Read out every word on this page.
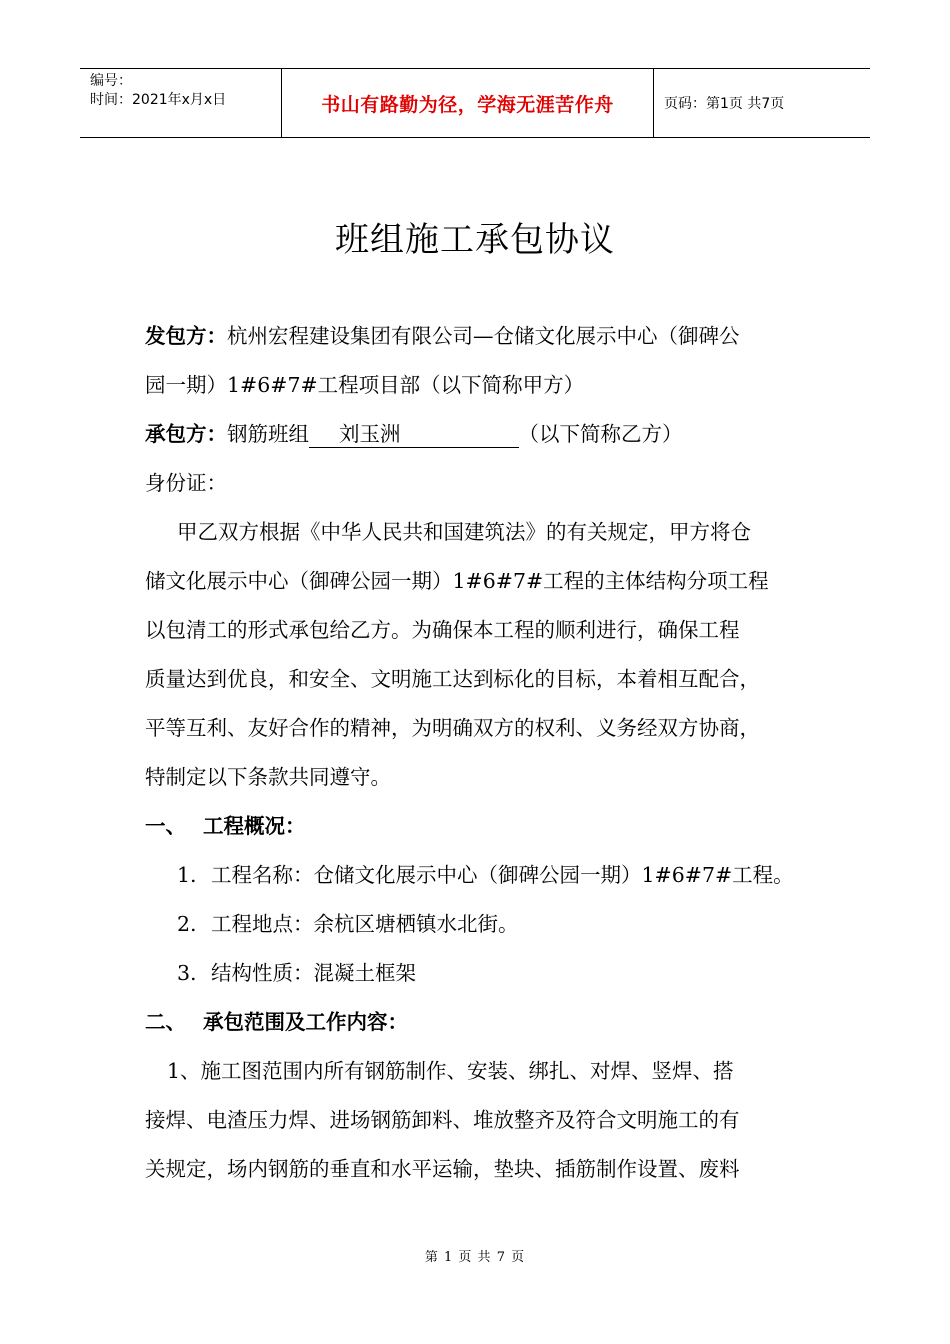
编号：
时间：2021年x月x日	书山有路勤为径，学海无涯苦作舟	页码：第1页 共7页
班组施工承包协议
发包方：杭州宏程建设集团有限公司—仓储文化展示中心（御碑公
园一期）1#6#7#工程项目部（以下简称甲方）
承包方：钢筋班组 刘玉洲	（以下简称乙方）
身份证：
甲乙双方根据《中华人民共和国建筑法》的有关规定，甲方将仓
储文化展示中心（御碑公园一期）1#6#7#工程的主体结构分项工程
以包清工的形式承包给乙方。为确保本工程的顺利进行，确保工程
质量达到优良，和安全、文明施工达到标化的目标，本着相互配合，
平等互利、友好合作的精神，为明确双方的权利、义务经双方协商，
特制定以下条款共同遵守。
一、 工程概况：
1. 工程名称：仓储文化展示中心（御碑公园一期）1#6#7#工程。
2. 工程地点：余杭区塘栖镇水北街。
3. 结构性质：混凝土框架
二、 承包范围及工作内容：
1、施工图范围内所有钢筋制作、安装、绑扎、对焊、竖焊、搭
接焊、电渣压力焊、进场钢筋卸料、堆放整齐及符合文明施工的有
关规定，场内钢筋的垂直和水平运输，垫块、插筋制作设置、废料
第 1 页 共 7 页
